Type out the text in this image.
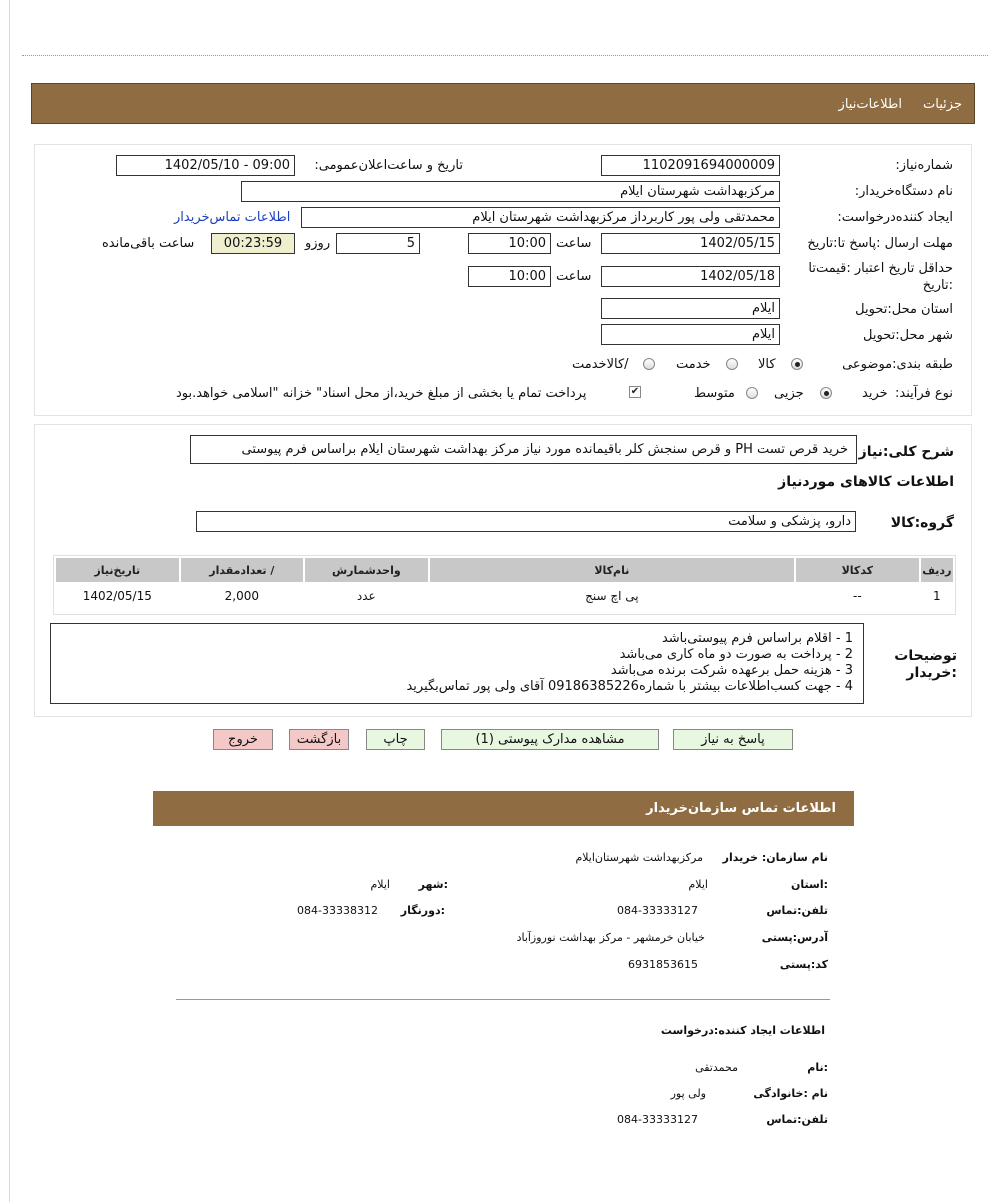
جزئیات
اطلاعات‌نیاز
شماره‌نیاز:
1102091694000009
تاریخ و ساعت‌اعلان‌عمومی:
1402/05/10 - 09:00
نام دستگاه‌خریدار:
مرکزبهداشت شهرستان ایلام
ایجاد کننده‌درخواست:
محمدتقی ولی پور کاربرداز مرکزبهداشت شهرستان ایلام
اطلاعات تماس‌خریدار
مهلت ارسال :پاسخ تا:تاریخ
1402/05/15
ساعت
10:00
5
روزو
00:23:59
ساعت باقی‌مانده
حداقل تاریخ اعتبار :قیمت‌تا
:تاریخ
1402/05/18
ساعت
10:00
استان محل:تحویل
ایلام
شهر محل:تحویل
ایلام
طبقه بندی:موضوعی
کالا
خدمت
/کالاخدمت
نوع فرآیند:
خرید
جزیی
متوسط
✔
پرداخت تمام یا بخشی از مبلغ خرید،از محل اسناد" خزانه "اسلامی خواهد.بود
شرح کلی:نیاز
خرید قرص تست PH و قرص سنجش کلر باقیمانده مورد نیاز مرکز بهداشت شهرستان ایلام براساس فرم پیوستی
اطلاعات کالاهای موردنیاز
گروه:کالا
دارو، پزشکی و سلامت
ردیف	کدکالا	نام‌کالا	واحدشمارش	/ تعدادمقدار	تاریخ‌نیاز
1	--	پی اچ سنج	عدد	2,000	1402/05/15
توضیحات
:خریدار
1 - اقلام براساس فرم پیوستی‌باشد
2 - پرداخت به صورت دو ماه کاری می‌باشد
3 - هزینه حمل برعهده شرکت برنده می‌باشد
4 - جهت کسب‌اطلاعات بیشتر با شماره09186385226 آقای ولی پور تماس‌بگیرید
پاسخ به نیاز
مشاهده مدارک پیوستی (1)
چاپ
بازگشت
خروج
اطلاعات تماس سازمان‌خریدار
نام سازمان: خریدار
مرکزبهداشت شهرستان‌ایلام
:استان
ایلام
:شهر
ایلام
تلفن:تماس
084-33333127
:دورنگار
084-33338312
آدرس:پستی
خیابان خرمشهر - مرکز بهداشت نوروزآباد
کد:پستی
6931853615
اطلاعات ایجاد کننده:درخواست
:نام
محمدتقی
نام :خانوادگی
ولی پور
تلفن:تماس
084-33333127
